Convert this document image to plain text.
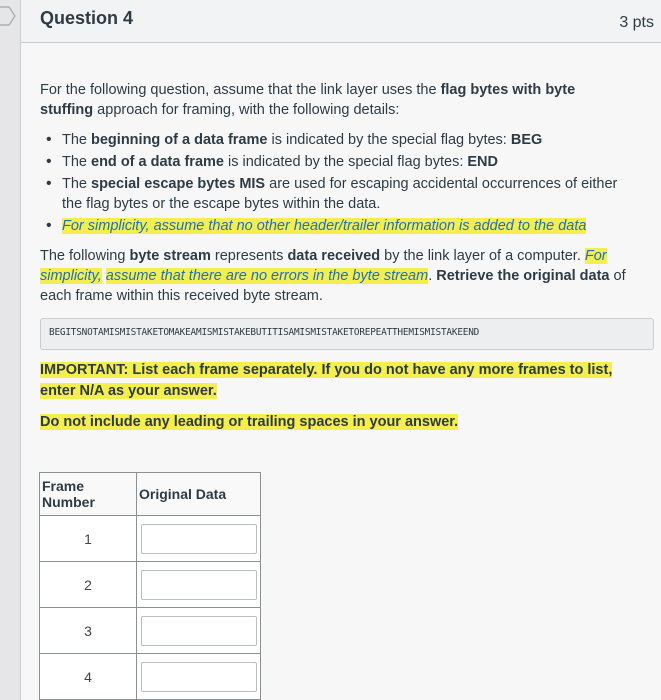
Question 4	3 pts
For the following question, assume that the link layer uses the flag bytes with byte stuffing approach for framing, with the following details:
• The beginning of a data frame is indicated by the special flag bytes: BEG
• The end of a data frame is indicated by the special flag bytes: END
• The special escape bytes MIS are used for escaping accidental occurrences of either the flag bytes or the escape bytes within the data.
• For simplicity, assume that no other header/trailer information is added to the data
The following byte stream represents data received by the link layer of a computer. For simplicity, assume that there are no errors in the byte stream. Retrieve the original data of each frame within this received byte stream.
BEGITSNOTAMISMISTAKETOMAKEAMISMISTAKEBUTITISAMISMISTAKETOREPEATTHEMISMISTAKEEND
IMPORTANT: List each frame separately. If you do not have any more frames to list, enter N/A as your answer.
Do not include any leading or trailing spaces in your answer.
Frame Number	Original Data
1	
2	
3	
4	
